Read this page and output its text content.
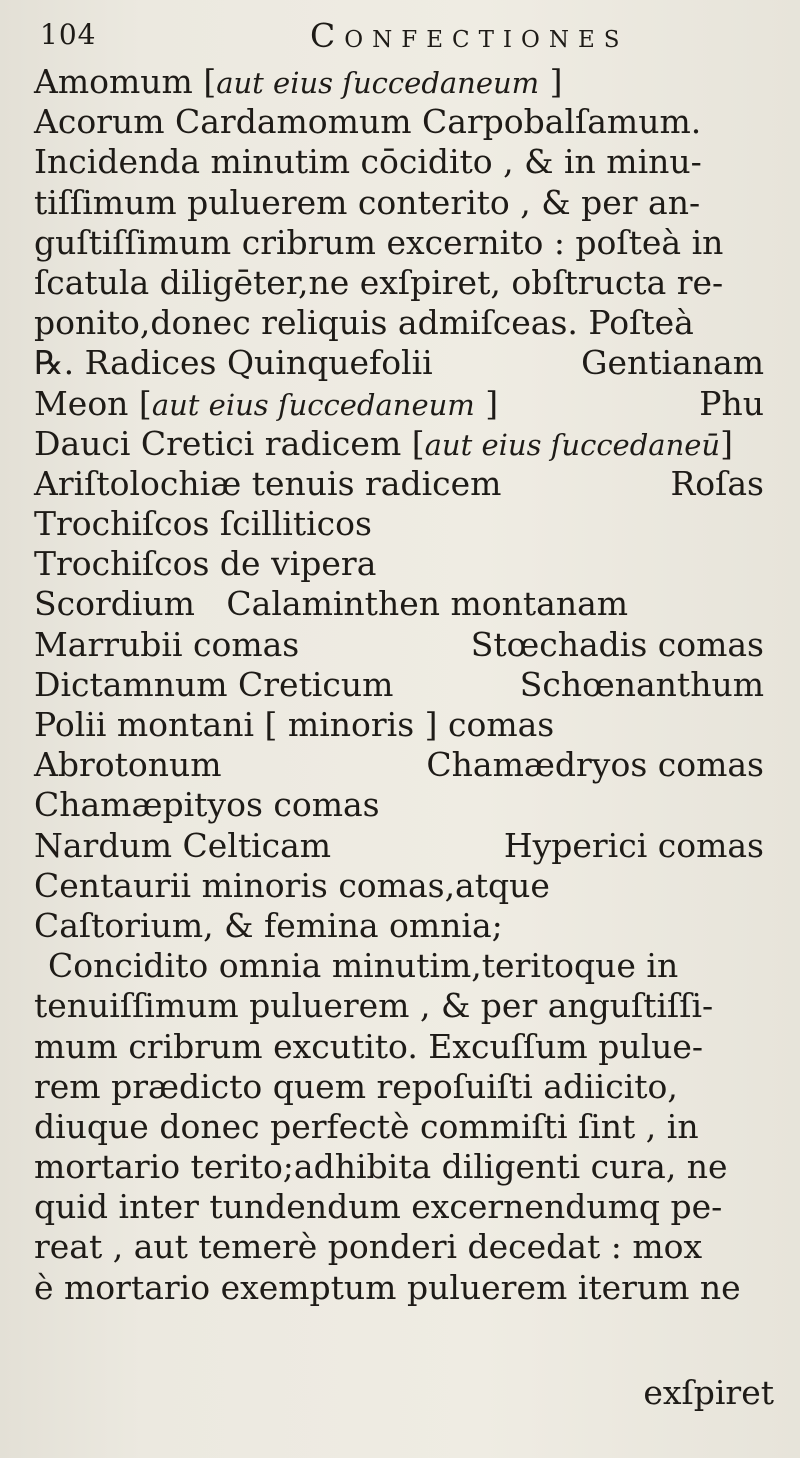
104	Confectiones
Amomum [aut eius ſuccedaneum ]
Acorum Cardamomum Carpobalſamum.
Incidenda minutim cōcidito , & in minu-
tiſſimum puluerem conterito , & per an-
guſtiſſimum cribrum excernito : poſteà in
ſcatula diligēter,ne exſpiret, obſtructa re-
ponito,donec reliquis admiſceas. Poſteà
℞. Radices Quinquefolii	Gentianam
Meon [aut eius ſuccedaneum ]	Phu
Dauci Cretici radicem [aut eius ſuccedaneū]
Ariſtolochiæ tenuis radicem	Roſas
Trochiſcos ſcilliticos
Trochiſcos de vipera
Scordium   Calaminthen montanam
Marrubii comas	Stœchadis comas
Dictamnum Creticum	Schœnanthum
Polii montani [ minoris ] comas
Abrotonum	Chamædryos comas
Chamæpityos comas
Nardum Celticam	Hyperici comas
Centaurii minoris comas,atque
Caſtorium, & femina omnia;
Concidito omnia minutim,teritoque in
tenuiſſimum puluerem , & per anguſtiſſi-
mum cribrum excutito. Excuſſum pulue-
rem prædicto quem repoſuiſti adiicito,
diuque donec perfectè commiſti ſint , in
mortario terito;adhibita diligenti cura, ne
quid inter tundendum excernendumq pe-
reat , aut temerè ponderi decedat : mox
è mortario exemptum puluerem iterum ne
exſpiret
